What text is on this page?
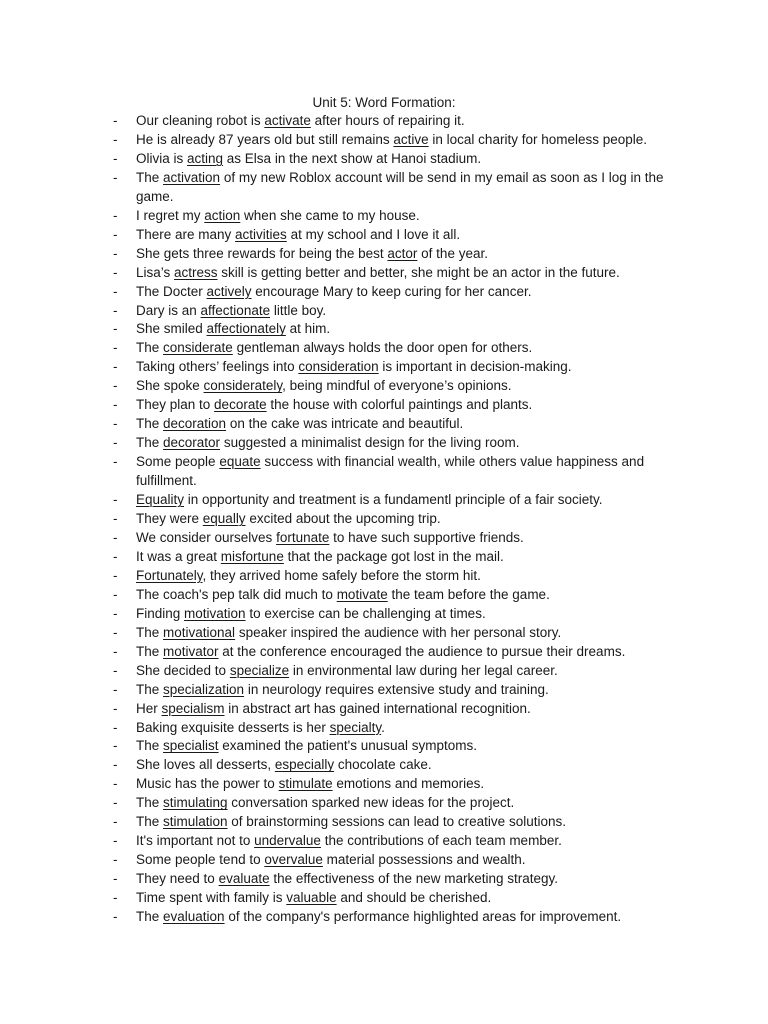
Unit 5: Word Formation:
- Our cleaning robot is activate after hours of repairing it.
- He is already 87 years old but still remains active in local charity for homeless people.
- Olivia is acting as Elsa in the next show at Hanoi stadium.
- The activation of my new Roblox account will be send in my email as soon as I log in the game.
- I regret my action when she came to my house.
- There are many activities at my school and I love it all.
- She gets three rewards for being the best actor of the year.
- Lisa’s actress skill is getting better and better, she might be an actor in the future.
- The Docter actively encourage Mary to keep curing for her cancer.
- Dary is an affectionate little boy.
- She smiled affectionately at him.
- The considerate gentleman always holds the door open for others.
- Taking others’ feelings into consideration is important in decision-making.
- She spoke considerately, being mindful of everyone’s opinions.
- They plan to decorate the house with colorful paintings and plants.
- The decoration on the cake was intricate and beautiful.
- The decorator suggested a minimalist design for the living room.
- Some people equate success with financial wealth, while others value happiness and fulfillment.
- Equality in opportunity and treatment is a fundamentl principle of a fair society.
- They were equally excited about the upcoming trip.
- We consider ourselves fortunate to have such supportive friends.
- It was a great misfortune that the package got lost in the mail.
- Fortunately, they arrived home safely before the storm hit.
- The coach's pep talk did much to motivate the team before the game.
- Finding motivation to exercise can be challenging at times.
- The motivational speaker inspired the audience with her personal story.
- The motivator at the conference encouraged the audience to pursue their dreams.
- She decided to specialize in environmental law during her legal career.
- The specialization in neurology requires extensive study and training.
- Her specialism in abstract art has gained international recognition.
- Baking exquisite desserts is her specialty.
- The specialist examined the patient's unusual symptoms.
- She loves all desserts, especially chocolate cake.
- Music has the power to stimulate emotions and memories.
- The stimulating conversation sparked new ideas for the project.
- The stimulation of brainstorming sessions can lead to creative solutions.
- It's important not to undervalue the contributions of each team member.
- Some people tend to overvalue material possessions and wealth.
- They need to evaluate the effectiveness of the new marketing strategy.
- Time spent with family is valuable and should be cherished.
- The evaluation of the company's performance highlighted areas for improvement.
